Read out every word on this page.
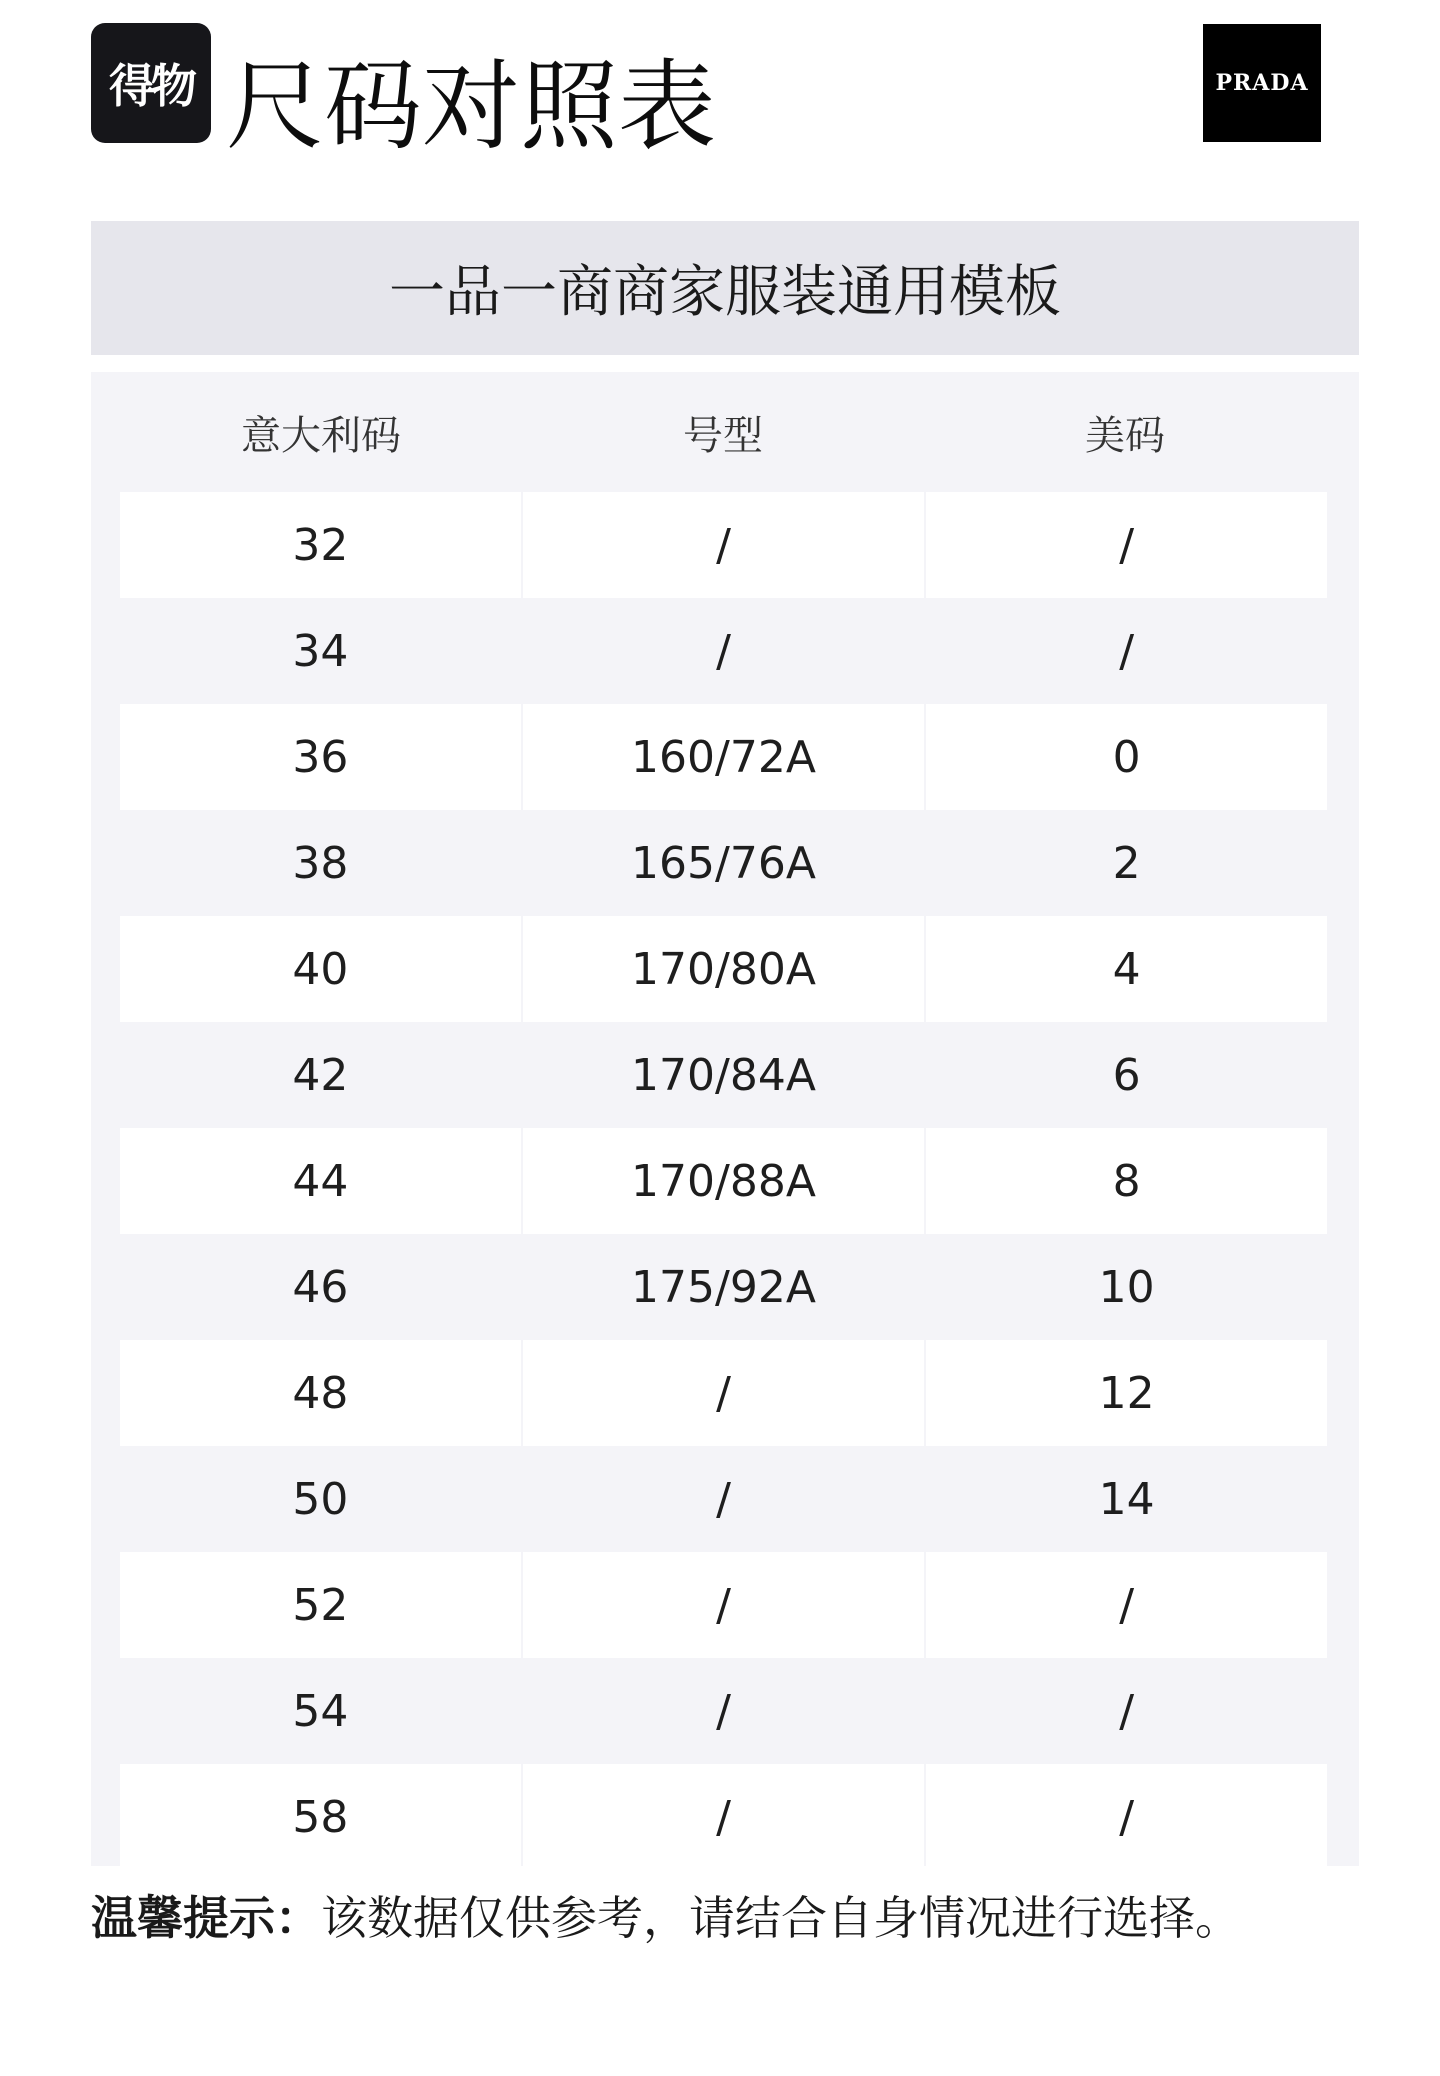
得物 尺码对照表	PRADA
一品一商商家服装通用模板
意大利码	号型	美码
32	/	/
34	/	/
36	160/72A	0
38	165/76A	2
40	170/80A	4
42	170/84A	6
44	170/88A	8
46	175/92A	10
48	/	12
50	/	14
52	/	/
54	/	/
58	/	/
温馨提示：该数据仅供参考，请结合自身情况进行选择。
